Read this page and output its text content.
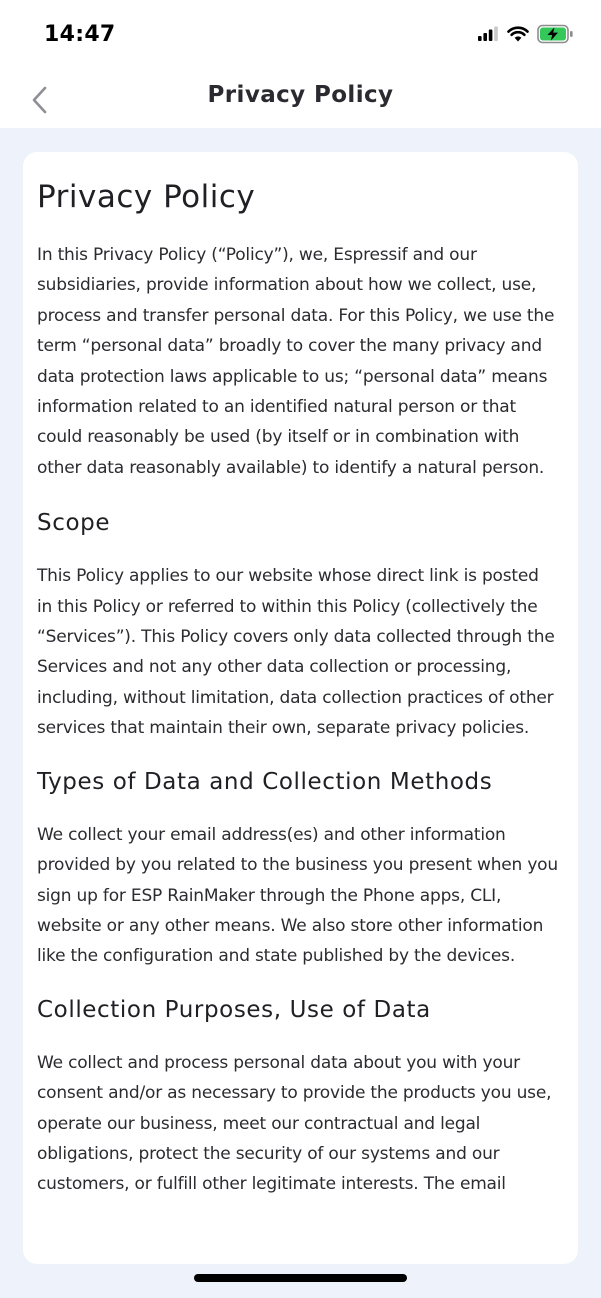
14:47
Privacy Policy
Privacy Policy

In this Privacy Policy (“Policy”), we, Espressif and our subsidiaries, provide information about how we collect, use, process and transfer personal data. For this Policy, we use the term “personal data” broadly to cover the many privacy and data protection laws applicable to us; “personal data” means information related to an identified natural person or that could reasonably be used (by itself or in combination with other data reasonably available) to identify a natural person.

Scope

This Policy applies to our website whose direct link is posted in this Policy or referred to within this Policy (collectively the “Services”). This Policy covers only data collected through the Services and not any other data collection or processing, including, without limitation, data collection practices of other services that maintain their own, separate privacy policies.

Types of Data and Collection Methods

We collect your email address(es) and other information provided by you related to the business you present when you sign up for ESP RainMaker through the Phone apps, CLI, website or any other means. We also store other information like the configuration and state published by the devices.

Collection Purposes, Use of Data

We collect and process personal data about you with your consent and/or as necessary to provide the products you use, operate our business, meet our contractual and legal obligations, protect the security of our systems and our customers, or fulfill other legitimate interests. The email
